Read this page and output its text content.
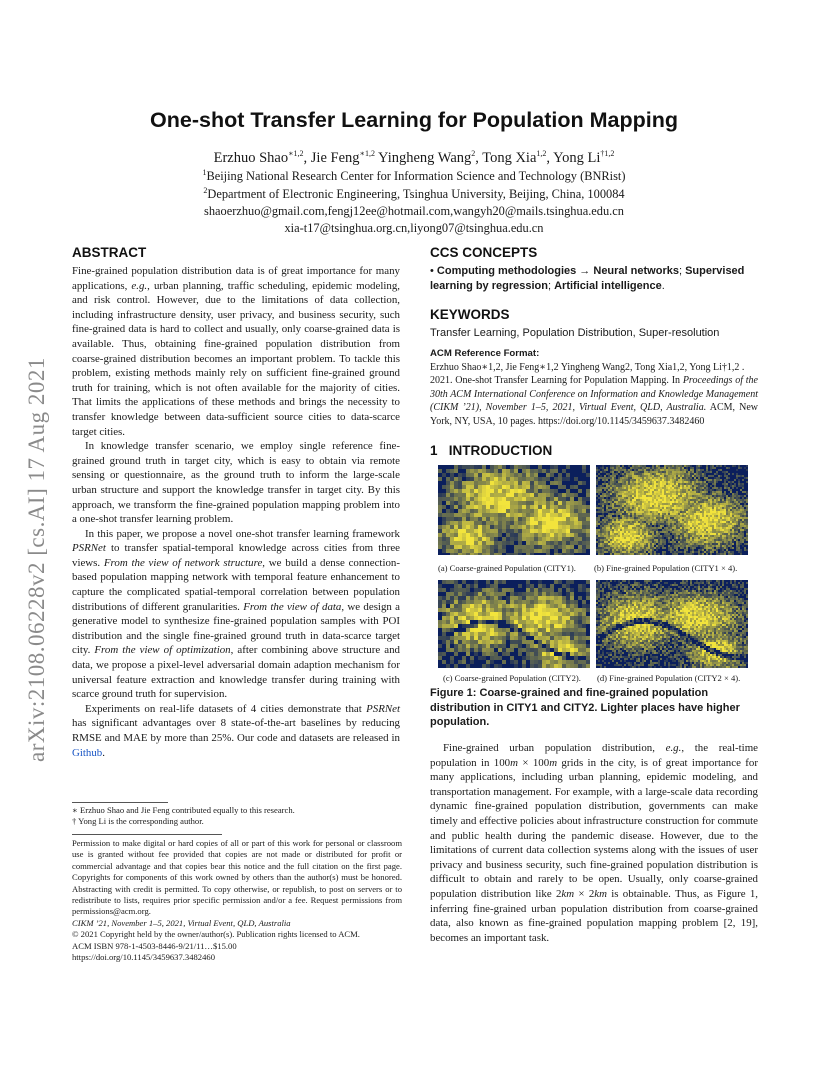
arXiv:2108.06228v2 [cs.AI] 17 Aug 2021
One-shot Transfer Learning for Population Mapping
Erzhuo Shao$^{∗1,2}$, Jie Feng$^{∗1,2}$ Yingheng Wang$^2$, Tong Xia$^{1,2}$, Yong Li$^{\dagger 1,2}$
$^1$Beijing National Research Center for Information Science and Technology (BNRist)
$^2$Department of Electronic Engineering, Tsinghua University, Beijing, China, 100084
shaoerzhuo@gmail.com,fengj12ee@hotmail.com,wangyh20@mails.tsinghua.edu.cn
xia-t17@tsinghua.org.cn,liyong07@tsinghua.edu.cn
ABSTRACT

Fine-grained population distribution data is of great importance for many applications, e.g., urban planning, traffic scheduling, epidemic modeling, and risk control. However, due to the limitations of data collection, including infrastructure density, user privacy, and business security, such fine-grained data is hard to collect and usually, only coarse-grained data is available. Thus, obtaining fine-grained population distribution from coarse-grained distribution becomes an important problem. To tackle this problem, existing methods mainly rely on sufficient fine-grained ground truth for training, which is not often available for the majority of cities. That limits the applications of these methods and brings the necessity to transfer knowledge between data-sufficient source cities to data-scarce target cities.

In knowledge transfer scenario, we employ single reference fine-grained ground truth in target city, which is easy to obtain via remote sensing or questionnaire, as the ground truth to inform the large-scale urban structure and support the knowledge transfer in target city. By this approach, we transform the fine-grained population mapping problem into a one-shot transfer learning problem.

In this paper, we propose a novel one-shot transfer learning framework PSRNet to transfer spatial-temporal knowledge across cities from three views. From the view of network structure, we build a dense connection-based population mapping network with temporal feature enhancement to capture the complicated spatial-temporal correlation between population distributions of different granularities. From the view of data, we design a generative model to synthesize fine-grained population samples with POI distribution and the single fine-grained ground truth in data-scarce target city. From the view of optimization, after combining above structure and data, we propose a pixel-level adversarial domain adaption mechanism for universal feature extraction and knowledge transfer during training with scarce ground truth for supervision.

Experiments on real-life datasets of 4 cities demonstrate that PSRNet has significant advantages over 8 state-of-the-art baselines by reducing RMSE and MAE by more than 25%. Our code and datasets are released in Github.

∗ Erzhuo Shao and Jie Feng contributed equally to this research.

† Yong Li is the corresponding author.

Permission to make digital or hard copies of all or part of this work for personal or classroom use is granted without fee provided that copies are not made or distributed for profit or commercial advantage and that copies bear this notice and the full citation on the first page. Copyrights for components of this work owned by others than the author(s) must be honored. Abstracting with credit is permitted. To copy otherwise, or republish, to post on servers or to redistribute to lists, requires prior specific permission and/or a fee. Request permissions from permissions@acm.org.

CIKM ’21, November 1–5, 2021, Virtual Event, QLD, Australia

© 2021 Copyright held by the owner/author(s). Publication rights licensed to ACM.

ACM ISBN 978-1-4503-8446-9/21/11…$15.00

https://doi.org/10.1145/3459637.3482460

CCS CONCEPTS
• Computing methodologies → Neural networks; Supervised learning by regression; Artificial intelligence.
KEYWORDS
Transfer Learning, Population Distribution, Super-resolution
ACM Reference Format:
Erzhuo Shao∗1,2, Jie Feng∗1,2 Yingheng Wang2, Tong Xia1,2, Yong Li†1,2 .
2021. One-shot Transfer Learning for Population Mapping. In Proceedings of the 30th ACM International Conference on Information and Knowledge Management (CIKM ’21), November 1–5, 2021, Virtual Event, QLD, Australia. ACM, New York, NY, USA, 10 pages. https://doi.org/10.1145/3459637.3482460
1 INTRODUCTION
(a) Coarse-grained Population (CITY1). (b) Fine-grained Population (CITY1 × 4).
(c) Coarse-grained Population (CITY2). (d) Fine-grained Population (CITY2 × 4).
Figure 1: Coarse-grained and fine-grained population distribution in CITY1 and CITY2. Lighter places have higher population.

Fine-grained urban population distribution, e.g., the real-time population in 100m × 100m grids in the city, is of great importance for many applications, including urban planning, epidemic modeling, and transportation management. For example, with a large-scale data recording dynamic fine-grained population distribution, governments can make timely and effective policies about infrastructure construction for commute and public health during the pandemic disease. However, due to the limitations of current data collection systems along with the issues of user privacy and business security, such fine-grained population distribution is difficult to obtain and rarely to be open. Usually, only coarse-grained population distribution like 2km × 2km is obtainable. Thus, as Figure 1, inferring fine-grained urban population distribution from coarse-grained data, also known as fine-grained population mapping problem [2, 19], becomes an important task.
